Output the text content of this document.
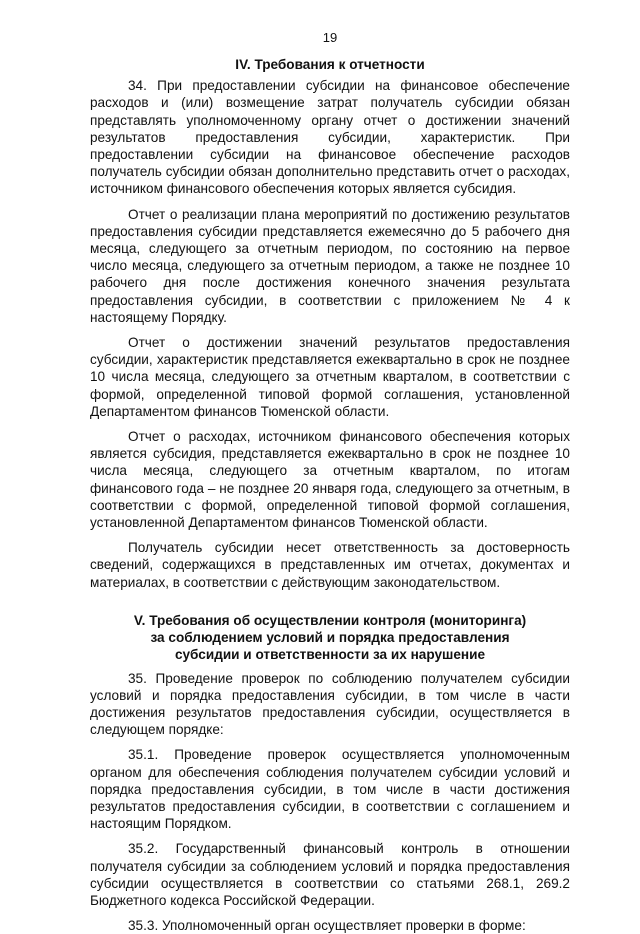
19
IV. Требования к отчетности

34. При предоставлении субсидии на финансовое обеспечение расходов и (или) возмещение затрат получатель субсидии обязан представлять уполномоченному органу отчет о достижении значений результатов предоставления субсидии, характеристик. При предоставлении субсидии на финансовое обеспечение расходов получатель субсидии обязан дополнительно представить отчет о расходах, источником финансового обеспечения которых является субсидия.

Отчет о реализации плана мероприятий по достижению результатов предоставления субсидии представляется ежемесячно до 5 рабочего дня месяца, следующего за отчетным периодом, по состоянию на первое число месяца, следующего за отчетным периодом, а также не позднее 10 рабочего дня после достижения конечного значения результата предоставления субсидии, в соответствии с приложением № 4 к настоящему Порядку.

Отчет о достижении значений результатов предоставления субсидии, характеристик представляется ежеквартально в срок не позднее 10 числа месяца, следующего за отчетным кварталом, в соответствии с формой, определенной типовой формой соглашения, установленной Департаментом финансов Тюменской области.

Отчет о расходах, источником финансового обеспечения которых является субсидия, представляется ежеквартально в срок не позднее 10 числа месяца, следующего за отчетным кварталом, по итогам финансового года – не позднее 20 января года, следующего за отчетным, в соответствии с формой, определенной типовой формой соглашения, установленной Департаментом финансов Тюменской области.

Получатель субсидии несет ответственность за достоверность сведений, содержащихся в представленных им отчетах, документах и материалах, в соответствии с действующим законодательством.

V. Требования об осуществлении контроля (мониторинга)
за соблюдением условий и порядка предоставления
субсидии и ответственности за их нарушение

35. Проведение проверок по соблюдению получателем субсидии условий и порядка предоставления субсидии, в том числе в части достижения результатов предоставления субсидии, осуществляется в следующем порядке:

35.1. Проведение проверок осуществляется уполномоченным органом для обеспечения соблюдения получателем субсидии условий и порядка предоставления субсидии, в том числе в части достижения результатов предоставления субсидии, в соответствии с соглашением и настоящим Порядком.

35.2. Государственный финансовый контроль в отношении получателя субсидии за соблюдением условий и порядка предоставления субсидии осуществляется в соответствии со статьями 268.1, 269.2 Бюджетного кодекса Российской Федерации.

35.3. Уполномоченный орган осуществляет проверки в форме:
